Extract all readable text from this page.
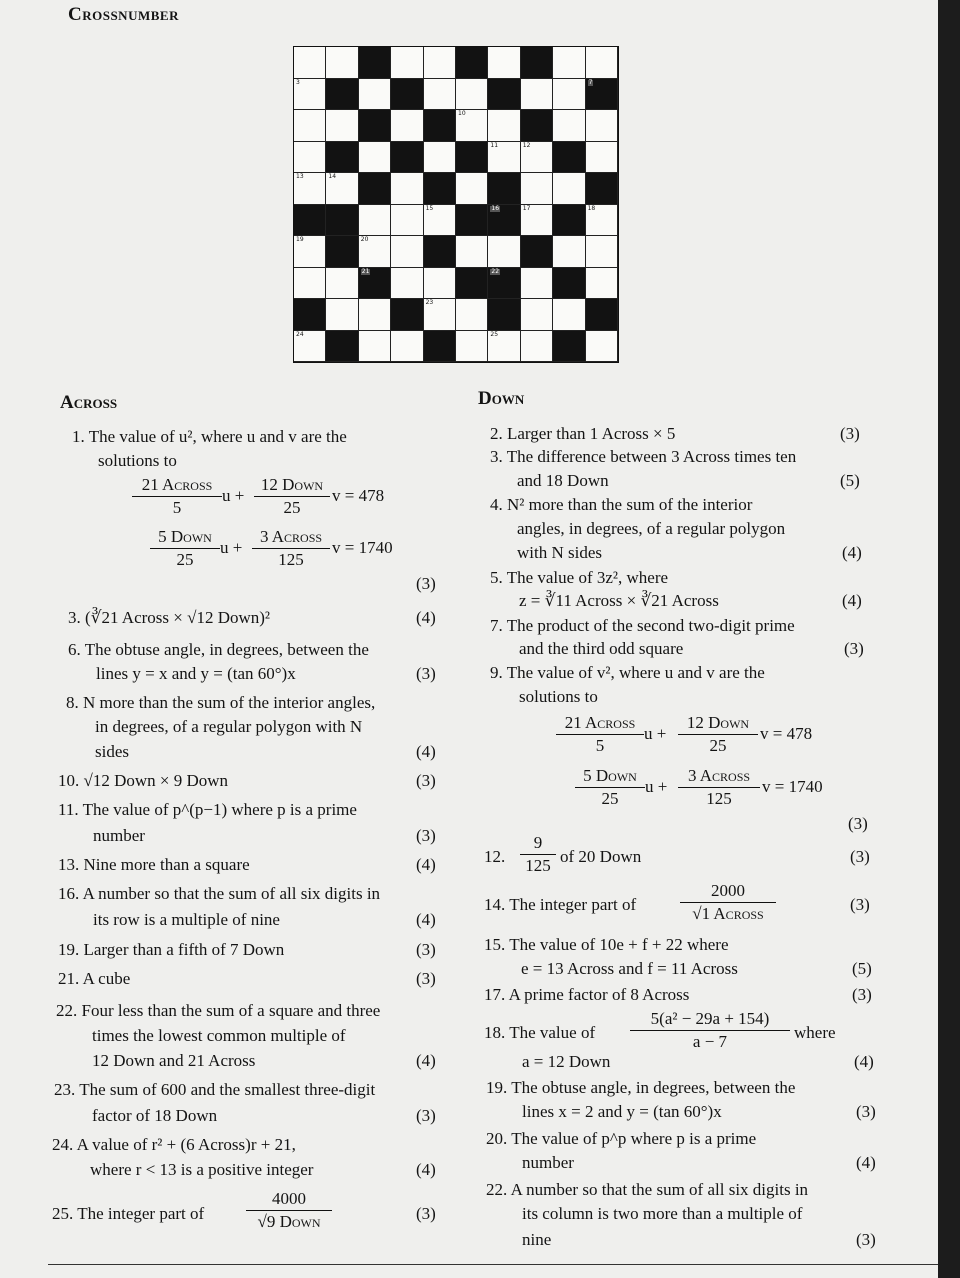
Crossnumber
3	7
10
11	12
13	14
15	16	17	18
19	20
21	22
23
24	25
Across
1. The value of u², where u and v are the
solutions to
21 Across
5
u +
12 Down
25
v = 478
5 Down
25
u +
3 Across
125
v = 1740
(3)
3. (∛21 Across × √12 Down)²	(4)
6. The obtuse angle, in degrees, between the
lines y = x and y = (tan 60°)x	(3)
8. N more than the sum of the interior angles,
in degrees, of a regular polygon with N
sides	(4)
10. √12 Down × 9 Down	(3)
11. The value of p^(p−1) where p is a prime
number	(3)
13. Nine more than a square	(4)
16. A number so that the sum of all six digits in
its row is a multiple of nine	(4)
19. Larger than a fifth of 7 Down	(3)
21. A cube	(3)
22. Four less than the sum of a square and three
times the lowest common multiple of
12 Down and 21 Across	(4)
23. The sum of 600 and the smallest three-digit
factor of 18 Down	(3)
24. A value of r² + (6 Across)r + 21,
where r < 13 is a positive integer	(4)
25. The integer part of
4000
√9 Down	(3)
Down
2. Larger than 1 Across × 5	(3)
3. The difference between 3 Across times ten
and 18 Down	(5)
4. N² more than the sum of the interior
angles, in degrees, of a regular polygon
with N sides	(4)
5. The value of 3z², where
z = ∛11 Across × ∛21 Across	(4)
7. The product of the second two-digit prime
and the third odd square	(3)
9. The value of v², where u and v are the
solutions to
21 Across
5
u +
12 Down
25
v = 478
5 Down
25
u +
3 Across
125
v = 1740
(3)
12. $\frac{9}{125}$ of 20 Down	(3)
14. The integer part of
2000
√1 Across	(3)
15. The value of 10e + f + 22 where
e = 13 Across and f = 11 Across	(5)
17. A prime factor of 8 Across	(3)
18. The value of $\frac{\text{5(a² − 29a + 154)}}{a - 7}$ where
a = 12 Down	(4)
19. The obtuse angle, in degrees, between the
lines x = 2 and y = (tan 60°)x	(3)
20. The value of p^p where p is a prime
number	(4)
22. A number so that the sum of all six digits in
its column is two more than a multiple of
nine	(3)
